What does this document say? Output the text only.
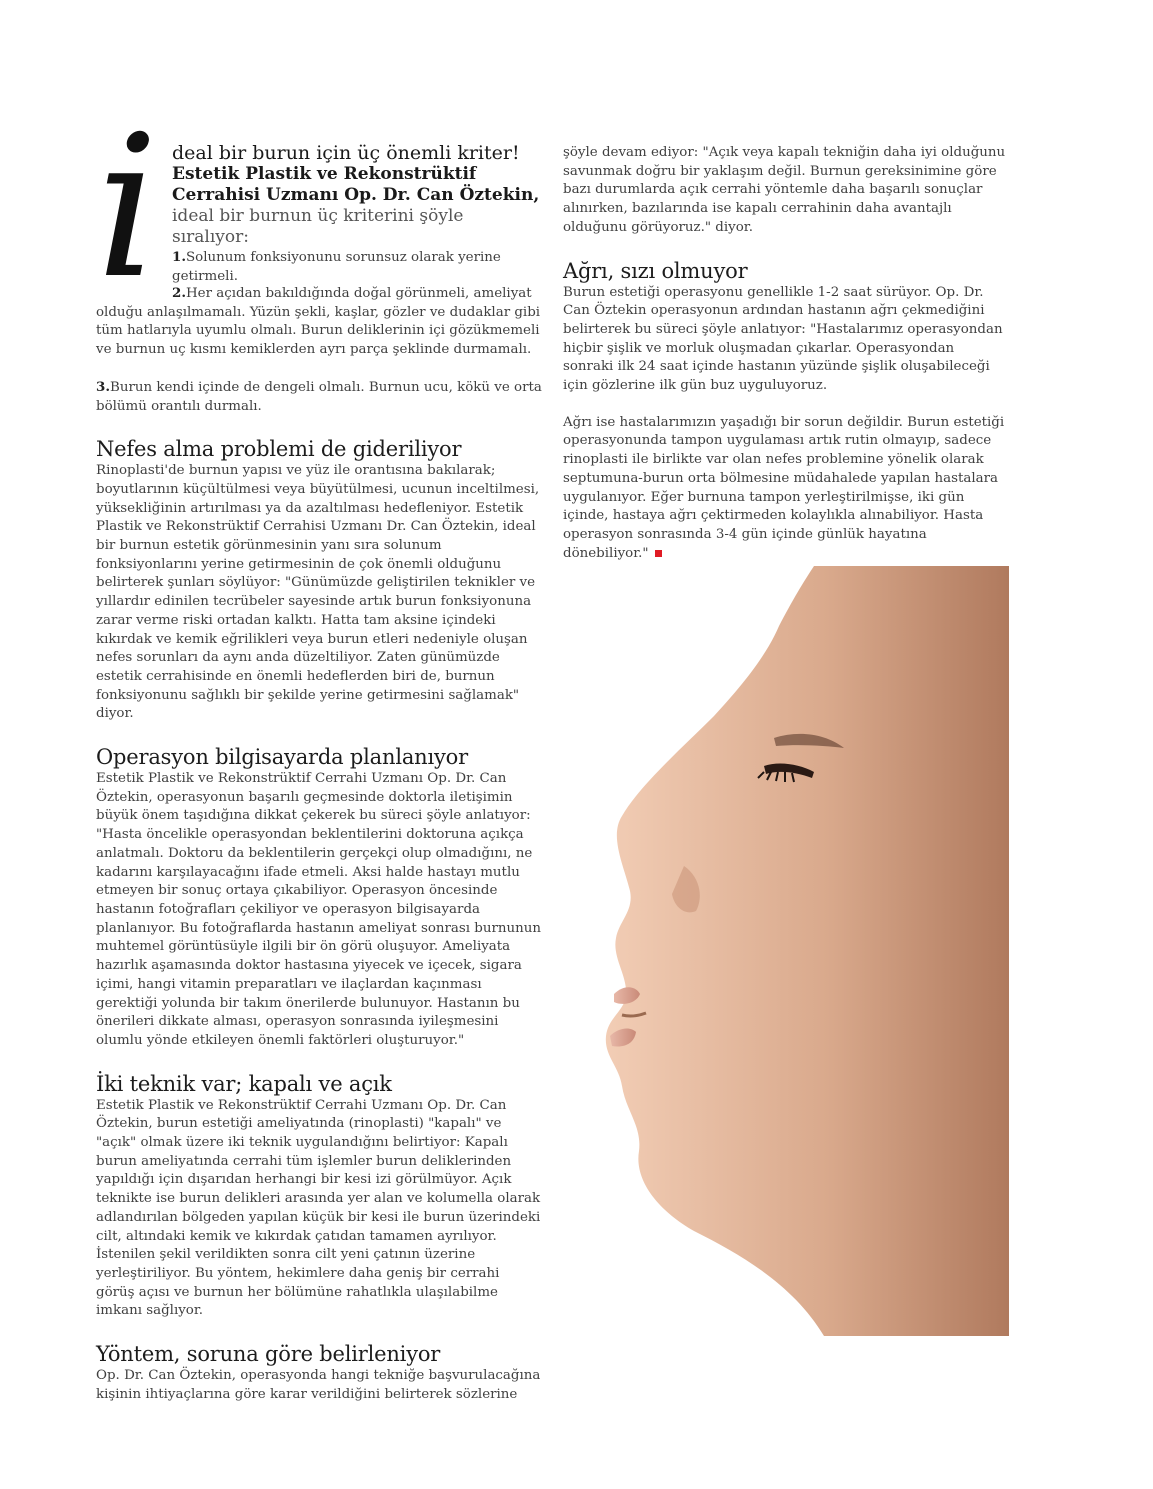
i deal bir burun için üç önemli kriter!
Estetik Plastik ve Rekonstrüktif Cerrahisi Uzmanı Op. Dr. Can Öztekin, ideal bir burnun üç kriterini şöyle sıralıyor:

1.Solunum fonksiyonunu sorunsuz olarak yerine getirmeli.

2.Her açıdan bakıldığında doğal görünmeli, ameliyat olduğu anlaşılmamalı. Yüzün şekli, kaşlar, gözler ve dudaklar gibi tüm hatlarıyla uyumlu olmalı. Burun deliklerinin içi gözükmemeli ve burnun uç kısmı kemiklerden ayrı parça şeklinde durmamalı.

3.Burun kendi içinde de dengeli olmalı. Burnun ucu, kökü ve orta bölümü orantılı durmalı.

Nefes alma problemi de gideriliyor

Rinoplasti'de burnun yapısı ve yüz ile orantısına bakılarak; boyutlarının küçültülmesi veya büyütülmesi, ucunun inceltilmesi, yüksekliğinin artırılması ya da azaltılması hedefleniyor. Estetik Plastik ve Rekonstrüktif Cerrahisi Uzmanı Dr. Can Öztekin, ideal bir burnun estetik görünmesinin yanı sıra solunum fonksiyonlarını yerine getirmesinin de çok önemli olduğunu belirterek şunları söylüyor: "Günümüzde geliştirilen teknikler ve yıllardır edinilen tecrübeler sayesinde artık burun fonksiyonuna zarar verme riski ortadan kalktı. Hatta tam aksine içindeki kıkırdak ve kemik eğrilikleri veya burun etleri nedeniyle oluşan nefes sorunları da aynı anda düzeltiliyor. Zaten günümüzde estetik cerrahisinde en önemli hedeflerden biri de, burnun fonksiyonunu sağlıklı bir şekilde yerine getirmesini sağlamak" diyor.

Operasyon bilgisayarda planlanıyor

Estetik Plastik ve Rekonstrüktif Cerrahi Uzmanı Op. Dr. Can Öztekin, operasyonun başarılı geçmesinde doktorla iletişimin büyük önem taşıdığına dikkat çekerek bu süreci şöyle anlatıyor: "Hasta öncelikle operasyondan beklentilerini doktoruna açıkça anlatmalı. Doktoru da beklentilerin gerçekçi olup olmadığını, ne kadarını karşılayacağını ifade etmeli. Aksi halde hastayı mutlu etmeyen bir sonuç ortaya çıkabiliyor. Operasyon öncesinde hastanın fotoğrafları çekiliyor ve operasyon bilgisayarda planlanıyor. Bu fotoğraflarda hastanın ameliyat sonrası burnunun muhtemel görüntüsüyle ilgili bir ön görü oluşuyor. Ameliyata hazırlık aşamasında doktor hastasına yiyecek ve içecek, sigara içimi, hangi vitamin preparatları ve ilaçlardan kaçınması gerektiği yolunda bir takım önerilerde bulunuyor. Hastanın bu önerileri dikkate alması, operasyon sonrasında iyileşmesini olumlu yönde etkileyen önemli faktörleri oluşturuyor."

İki teknik var; kapalı ve açık

Estetik Plastik ve Rekonstrüktif Cerrahi Uzmanı Op. Dr. Can Öztekin, burun estetiği ameliyatında (rinoplasti) "kapalı" ve "açık" olmak üzere iki teknik uygulandığını belirtiyor: Kapalı burun ameliyatında cerrahi tüm işlemler burun deliklerinden yapıldığı için dışarıdan herhangi bir kesi izi görülmüyor. Açık teknikte ise burun delikleri arasında yer alan ve kolumella olarak adlandırılan bölgeden yapılan küçük bir kesi ile burun üzerindeki cilt, altındaki kemik ve kıkırdak çatıdan tamamen ayrılıyor. İstenilen şekil verildikten sonra cilt yeni çatının üzerine yerleştiriliyor. Bu yöntem, hekimlere daha geniş bir cerrahi görüş açısı ve burnun her bölümüne rahatlıkla ulaşılabilme imkanı sağlıyor.

Yöntem, soruna göre belirleniyor

Op. Dr. Can Öztekin, operasyonda hangi tekniğe başvurulacağına kişinin ihtiyaçlarına göre karar verildiğini belirterek sözlerine

şöyle devam ediyor: "Açık veya kapalı tekniğin daha iyi olduğunu savunmak doğru bir yaklaşım değil. Burnun gereksinimine göre bazı durumlarda açık cerrahi yöntemle daha başarılı sonuçlar alınırken, bazılarında ise kapalı cerrahinin daha avantajlı olduğunu görüyoruz." diyor.

Ağrı, sızı olmuyor

Burun estetiği operasyonu genellikle 1-2 saat sürüyor. Op. Dr. Can Öztekin operasyonun ardından hastanın ağrı çekmediğini belirterek bu süreci şöyle anlatıyor: "Hastalarımız operasyondan hiçbir şişlik ve morluk oluşmadan çıkarlar. Operasyondan sonraki ilk 24 saat içinde hastanın yüzünde şişlik oluşabileceği için gözlerine ilk gün buz uyguluyoruz.

Ağrı ise hastalarımızın yaşadığı bir sorun değildir. Burun estetiği operasyonunda tampon uygulaması artık rutin olmayıp, sadece rinoplasti ile birlikte var olan nefes problemine yönelik olarak septumuna-burun orta bölmesine müdahalede yapılan hastalara uygulanıyor. Eğer burnuna tampon yerleştirilmişse, iki gün içinde, hastaya ağrı çektirmeden kolaylıkla alınabiliyor. Hasta operasyon sonrasında 3-4 gün içinde günlük hayatına dönebiliyor."
